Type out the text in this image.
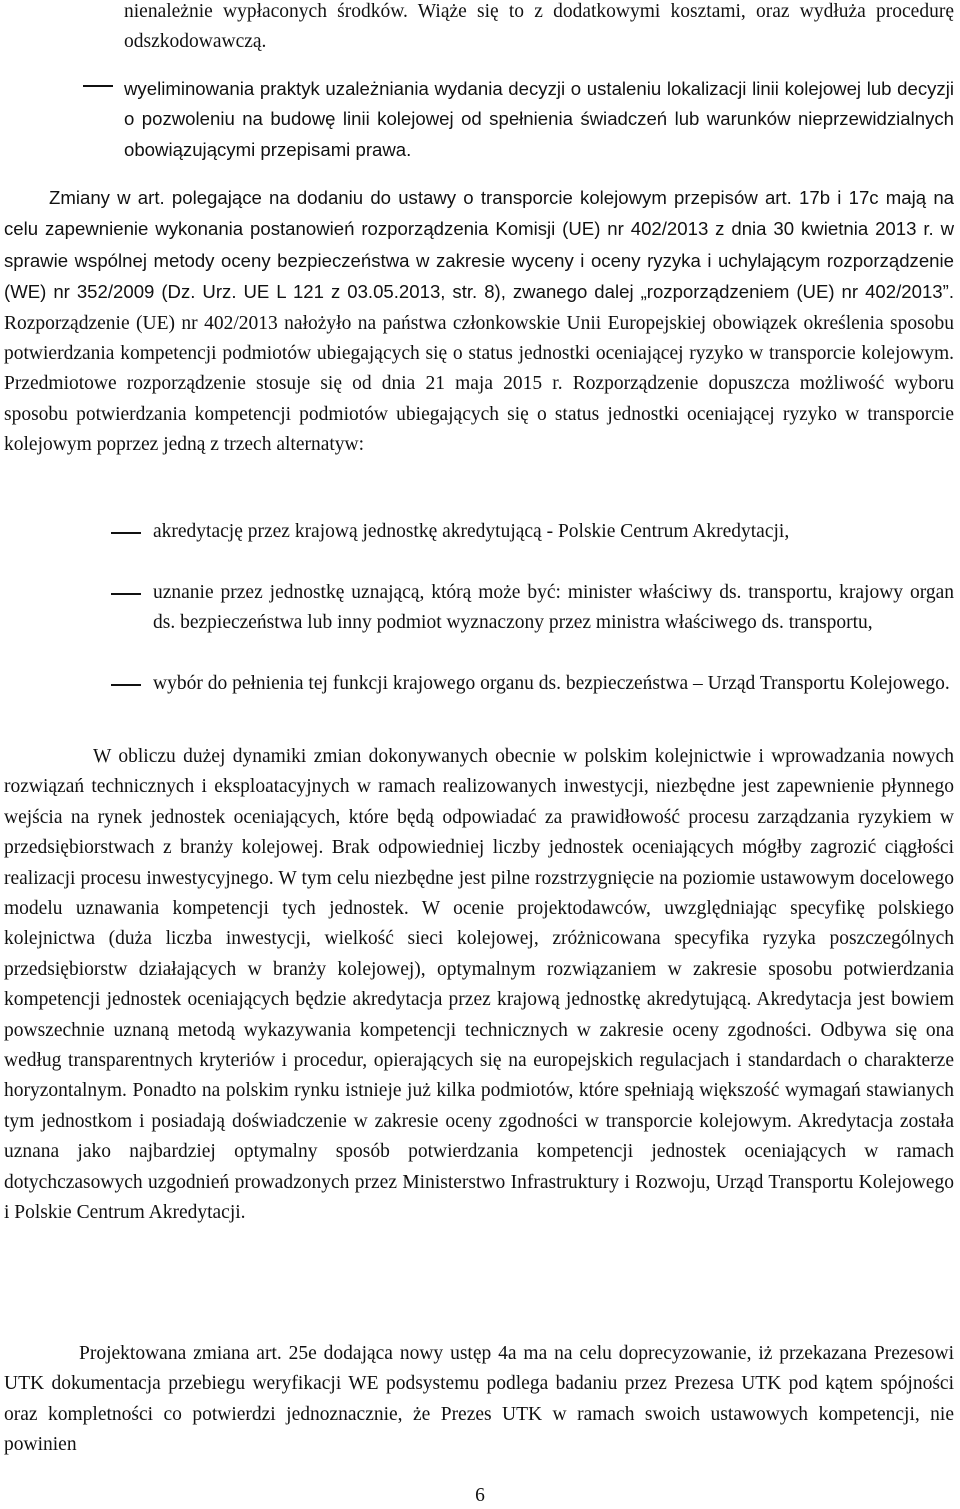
nienależnie wypłaconych środków. Wiąże się to z dodatkowymi kosztami, oraz wydłuża procedurę odszkodowawczą.

wyeliminowania praktyk uzależniania wydania decyzji o ustaleniu lokalizacji linii kolejowej lub decyzji o pozwoleniu na budowę linii kolejowej od spełnienia świadczeń lub warunków nieprzewidzialnych obowiązującymi przepisami prawa.

Zmiany w art. polegające na dodaniu do ustawy o transporcie kolejowym przepisów art. 17b i 17c mają na celu zapewnienie wykonania postanowień rozporządzenia Komisji (UE) nr 402/2013 z dnia 30 kwietnia 2013 r. w sprawie wspólnej metody oceny bezpieczeństwa w zakresie wyceny i oceny ryzyka i uchylającym rozporządzenie (WE) nr 352/2009 (Dz. Urz. UE L 121 z 03.05.2013, str. 8), zwanego dalej „rozporządzeniem (UE) nr 402/2013”. Rozporządzenie (UE) nr 402/2013 nałożyło na państwa członkowskie Unii Europejskiej obowiązek określenia sposobu potwierdzania kompetencji podmiotów ubiegających się o status jednostki oceniającej ryzyko w transporcie kolejowym. Przedmiotowe rozporządzenie stosuje się od dnia 21 maja 2015 r. Rozporządzenie dopuszcza możliwość wyboru sposobu potwierdzania kompetencji podmiotów ubiegających się o status jednostki oceniającej ryzyko w transporcie kolejowym poprzez jedną z trzech alternatyw:

akredytację przez krajową jednostkę akredytującą - Polskie Centrum Akredytacji,

uznanie przez jednostkę uznającą, którą może być: minister właściwy ds. transportu, krajowy organ ds. bezpieczeństwa lub inny podmiot wyznaczony przez ministra właściwego ds. transportu,

wybór do pełnienia tej funkcji krajowego organu ds. bezpieczeństwa – Urząd Transportu Kolejowego.

W obliczu dużej dynamiki zmian dokonywanych obecnie w polskim kolejnictwie i wprowadzania nowych rozwiązań technicznych i eksploatacyjnych w ramach realizowanych inwestycji, niezbędne jest zapewnienie płynnego wejścia na rynek jednostek oceniających, które będą odpowiadać za prawidłowość procesu zarządzania ryzykiem w przedsiębiorstwach z branży kolejowej. Brak odpowiedniej liczby jednostek oceniających mógłby zagrozić ciągłości realizacji procesu inwestycyjnego. W tym celu niezbędne jest pilne rozstrzygnięcie na poziomie ustawowym docelowego modelu uznawania kompetencji tych jednostek. W ocenie projektodawców, uwzględniając specyfikę polskiego kolejnictwa (duża liczba inwestycji, wielkość sieci kolejowej, zróżnicowana specyfika ryzyka poszczególnych przedsiębiorstw działających w branży kolejowej), optymalnym rozwiązaniem w zakresie sposobu potwierdzania kompetencji jednostek oceniających będzie akredytacja przez krajową jednostkę akredytującą. Akredytacja jest bowiem powszechnie uznaną metodą wykazywania kompetencji technicznych w zakresie oceny zgodności. Odbywa się ona według transparentnych kryteriów i procedur, opierających się na europejskich regulacjach i standardach o charakterze horyzontalnym. Ponadto na polskim rynku istnieje już kilka podmiotów, które spełniają większość wymagań stawianych tym jednostkom i posiadają doświadczenie w zakresie oceny zgodności w transporcie kolejowym. Akredytacja została uznana jako najbardziej optymalny sposób potwierdzania kompetencji jednostek oceniających w ramach dotychczasowych uzgodnień prowadzonych przez Ministerstwo Infrastruktury i Rozwoju, Urząd Transportu Kolejowego i Polskie Centrum Akredytacji.

Projektowana zmiana art. 25e dodająca nowy ustęp 4a ma na celu doprecyzowanie, iż przekazana Prezesowi UTK dokumentacja przebiegu weryfikacji WE podsystemu podlega badaniu przez Prezesa UTK pod kątem spójności oraz kompletności co potwierdzi jednoznacznie, że Prezes UTK w ramach swoich ustawowych kompetencji, nie powinien

6
